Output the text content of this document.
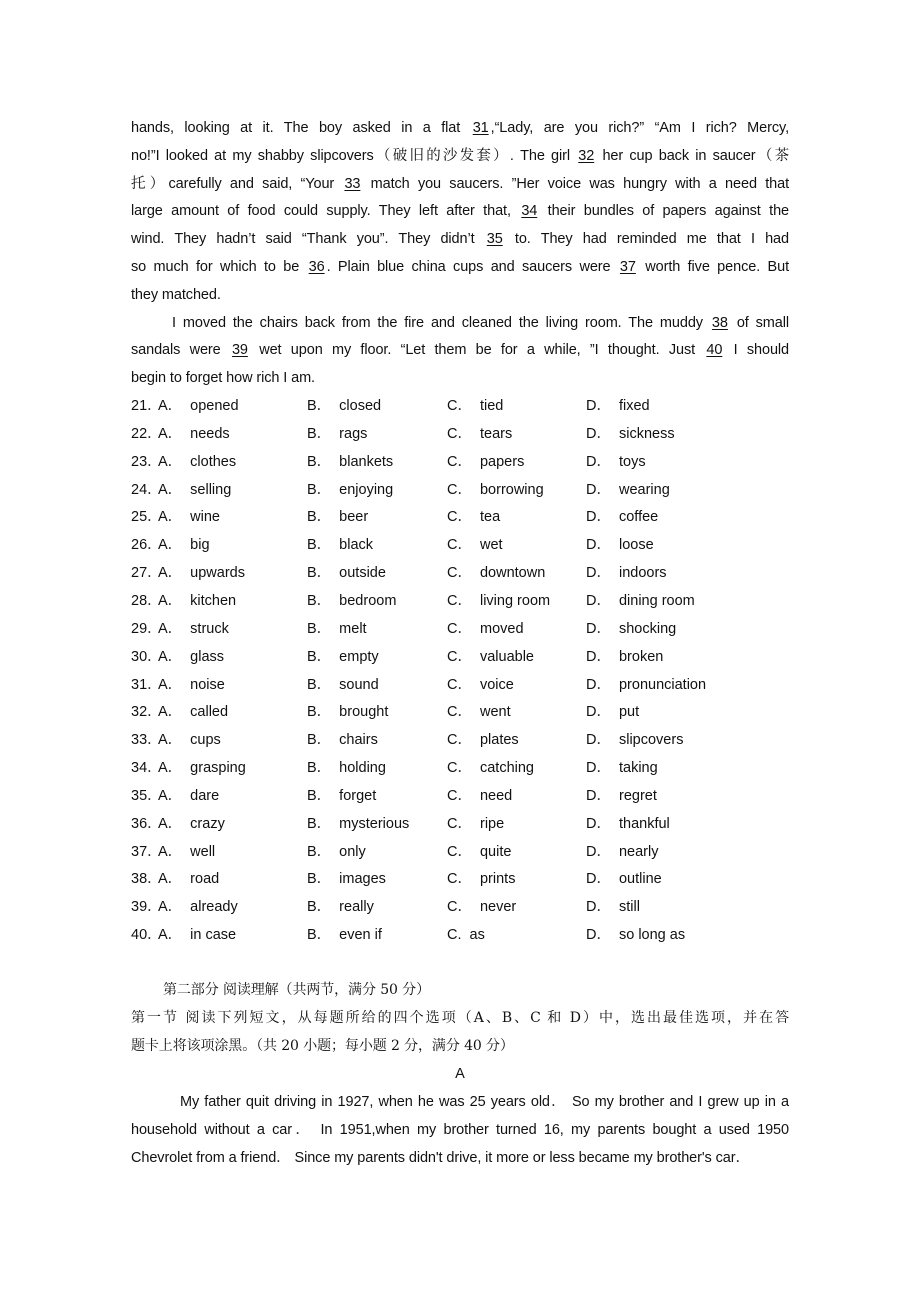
hands, looking at it. The boy asked in a flat 31 ,“Lady, are you rich?” “Am I rich? Mercy,
no!”I looked at my shabby slipcovers（破旧的沙发套）. The girl 32 her cup back in saucer（茶
托）carefully and said, “Your 33 match you saucers. ”Her voice was hungry with a need that
large amount of food could supply. They left after that, 34 their bundles of papers against the
wind. They hadn’t said “Thank you”. They didn’t 35 to. They had reminded me that I had
so much for which to be 36 . Plain blue china cups and saucers were 37 worth five pence. But
they matched.
I moved the chairs back from the fire and cleaned the living room. The muddy 38 of small
sandals were 39 wet upon my floor. “Let them be for a while, ”I thought. Just 40 I should
begin to forget how rich I am.
21．
A． opened	B． closed	C． tied	D． fixed
22．
A． needs	B． rags	C． tears	D． sickness
23．
A． clothes	B． blankets	C． papers	D． toys
24．
A． selling	B． enjoying	C． borrowing	D． wearing
25．
A． wine	B． beer	C． tea	D． coffee
26．
A． big	B． black	C． wet	D． loose
27．
A． upwards	B． outside	C． downtown	D． indoors
28．
A． kitchen	B． bedroom	C． living room D． dining room
29．
A． struck	B． melt	C． moved	D． shocking
30．
A． glass	B． empty	C． valuable	D． broken
31．
A． noise	B． sound	C． voice	D． pronunciation
32．
A． called	B． brought	C． went	D． put
33．
A． cups	B． chairs	C． plates	D． slipcovers
34．
A． grasping	B． holding	C． catching	D． taking
35．
A． dare	B． forget	C． need	D． regret
36．
A． crazy	B． mysterious	C． ripe	D． thankful
37．
A． well	B． only	C． quite	D． nearly
38．
A． road	B． images	C． prints	D． outline
39．
A． already	B． really	C． never	D． still
40．
A． in case	B． even if	C. as	D． so long as
第二部分 阅读理解（共两节，满分 50 分）
第一节 阅读下列短文，从每题所给的四个选项（A、B、C 和 D）中，选出最佳选项，并在答
题卡上将该项涂黑。（共 20 小题；每小题 2 分，满分 40 分）
A
My father quit driving in 1927, when he was 25 years old． So my brother and I grew up in a
household without a car． In 1951,when my brother turned 16, my parents bought a used 1950
Chevrolet from a friend． Since my parents didn't drive, it more or less became my brother's car．
